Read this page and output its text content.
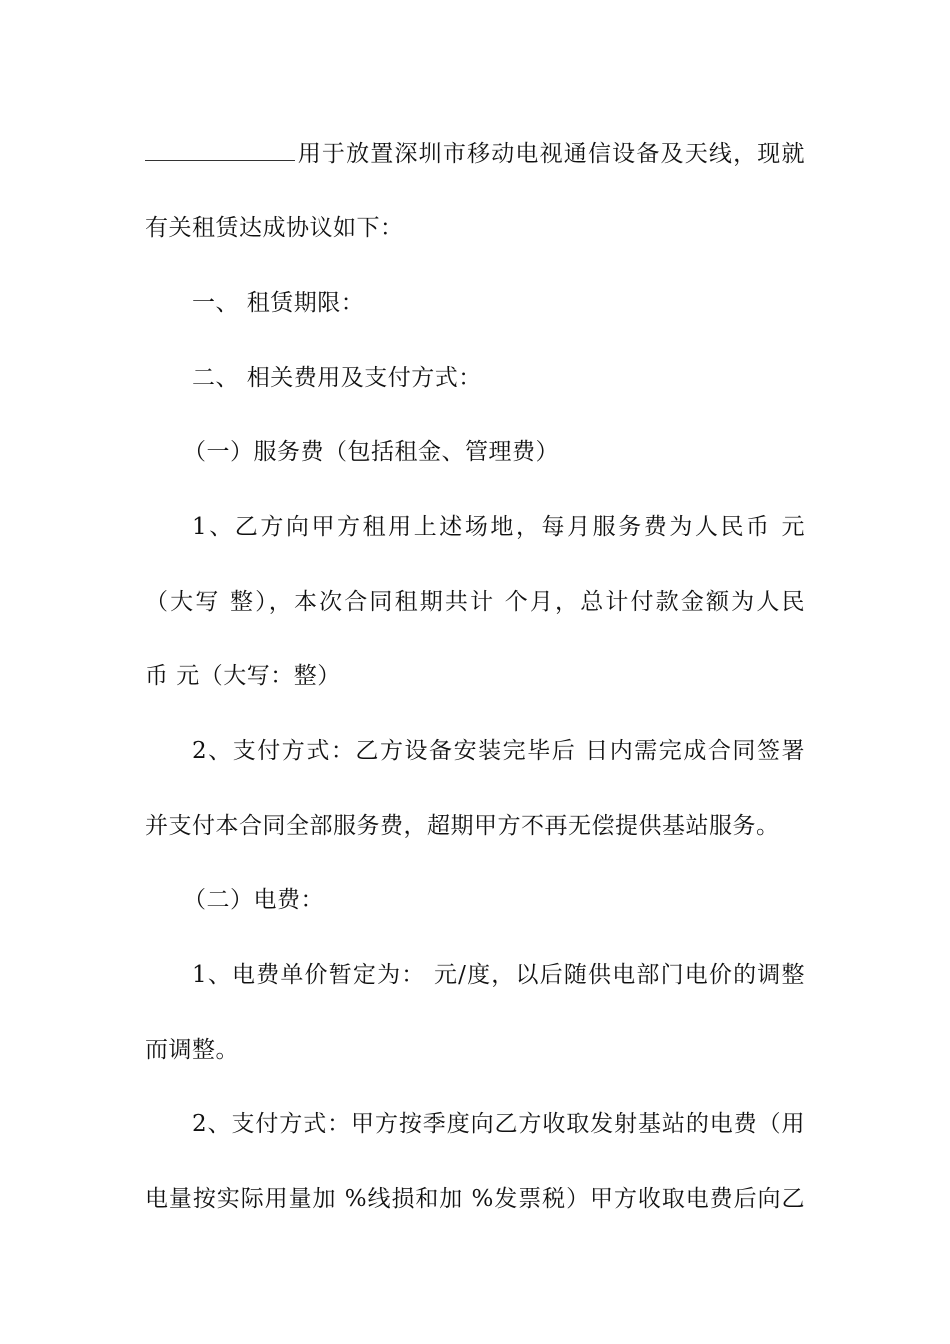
用于放置深圳市移动电视通信设备及天线，现就
有关租赁达成协议如下：
一、 租赁期限：
二、 相关费用及支付方式：
（一）服务费（包括租金、管理费）
1、乙方向甲方租用上述场地，每月服务费为人民币 元
（大写 整），本次合同租期共计 个月，总计付款金额为人民
币 元（大写：整）
2、支付方式：乙方设备安装完毕后 日内需完成合同签署
并支付本合同全部服务费，超期甲方不再无偿提供基站服务。
（二）电费：
1、电费单价暂定为： 元/度，以后随供电部门电价的调整
而调整。
2、支付方式：甲方按季度向乙方收取发射基站的电费（用
电量按实际用量加 %线损和加 %发票税）甲方收取电费后向乙
